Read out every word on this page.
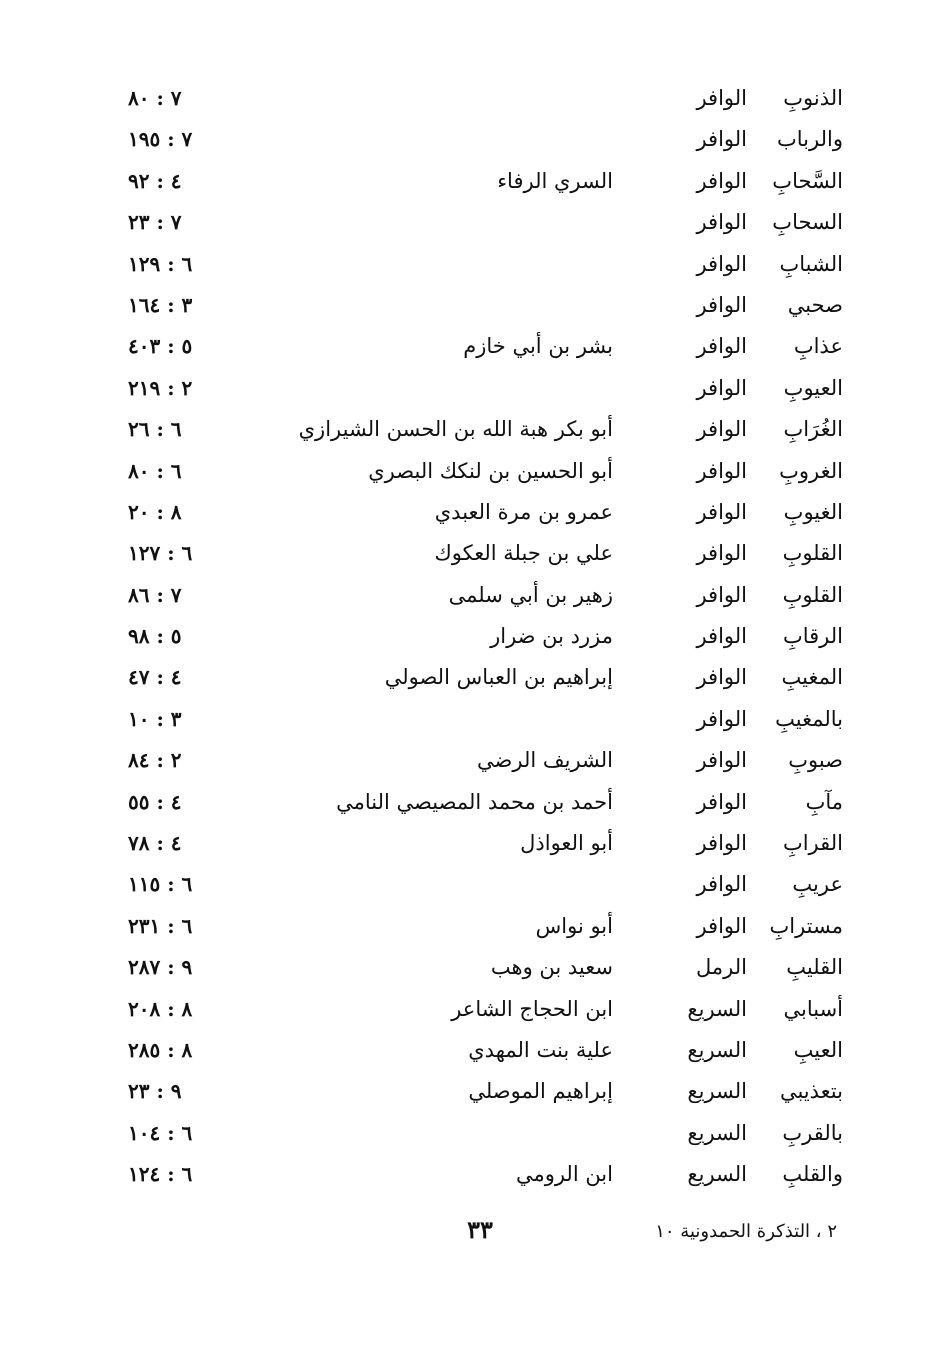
الذنوبِ
الوافر
٧ : ٨٠
والرباب
الوافر
٧ : ١٩٥
السَّحابِ
الوافر
السري الرفاء
٤ : ٩٢
السحابِ
الوافر
٧ : ٢٣
الشبابِ
الوافر
٦ : ١٢٩
صحبي
الوافر
٣ : ١٦٤
عذابِ
الوافر
بشر بن أبي خازم
٥ : ٤٠٣
العيوبِ
الوافر
٢ : ٢١٩
الغُرَابِ
الوافر
أبو بكر هبة الله بن الحسن الشيرازي
٦ : ٢٦
الغروبِ
الوافر
أبو الحسين بن لنكك البصري
٦ : ٨٠
الغيوبِ
الوافر
عمرو بن مرة العبدي
٨ : ٢٠
القلوبِ
الوافر
علي بن جبلة العكوك
٦ : ١٢٧
القلوبِ
الوافر
زهير بن أبي سلمى
٧ : ٨٦
الرقابِ
الوافر
مزرد بن ضرار
٥ : ٩٨
المغيبِ
الوافر
إبراهيم بن العباس الصولي
٤ : ٤٧
بالمغيبِ
الوافر
٣ : ١٠
صبوبِ
الوافر
الشريف الرضي
٢ : ٨٤
مآبِ
الوافر
أحمد بن محمد المصيصي النامي
٤ : ٥٥
القرابِ
الوافر
أبو العواذل
٤ : ٧٨
عريبِ
الوافر
٦ : ١١٥
مسترابِ
الوافر
أبو نواس
٦ : ٢٣١
القليبِ
الرمل
سعيد بن وهب
٩ : ٢٨٧
أسبابي
السريع
ابن الحجاج الشاعر
٨ : ٢٠٨
العيبِ
السريع
علية بنت المهدي
٨ : ٢٨٥
بتعذيبي
السريع
إبراهيم الموصلي
٩ : ٢٣
بالقربِ
السريع
٦ : ١٠٤
والقلبِ
السريع
ابن الرومي
٦ : ١٢٤
٢ ، التذكرة الحمدونية ١٠
٣٣
